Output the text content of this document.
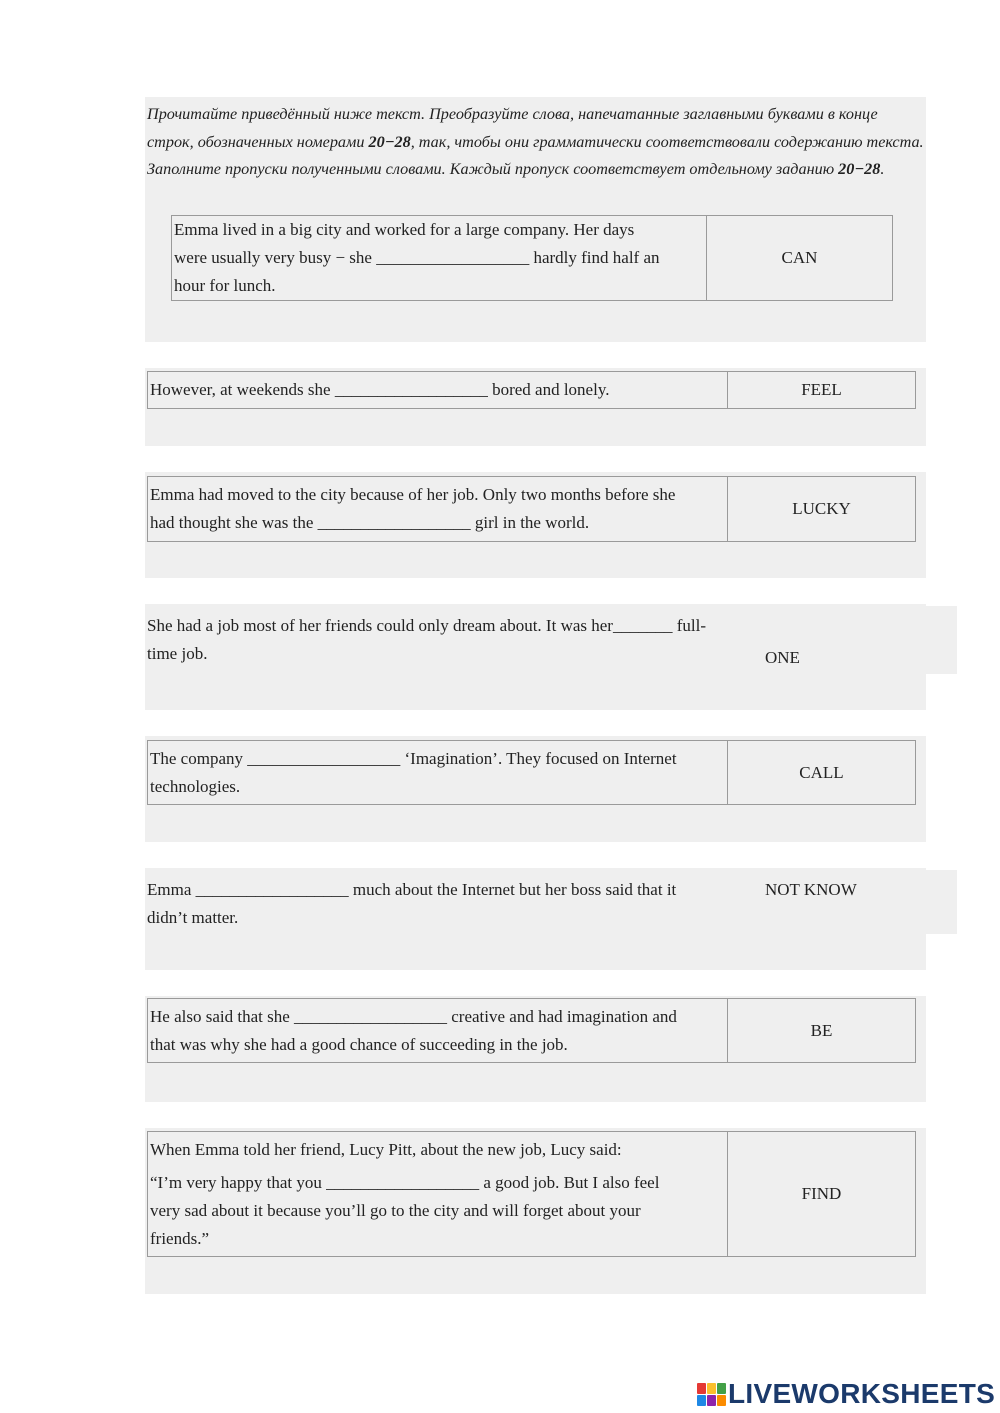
Прочитайте приведённый ниже текст. Преобразуйте слова, напечатанные заглавными буквами в конце строк, обозначенных номерами 20−28, так, чтобы они грамматически соответствовали содержанию текста. Заполните пропуски полученными словами. Каждый пропуск соответствует отдельному заданию 20−28.
Emma lived in a big city and worked for a large company. Her days
were usually very busy − she __________________ hardly find half an
hour for lunch.
	CAN
However, at weekends she __________________ bored and lonely.	FEEL
Emma had moved to the city because of her job. Only two months before she
had thought she was the __________________ girl in the world.
	LUCKY
She had a job most of her friends could only dream about. It was her_______ full-
time job.	ONE
The company __________________ ‘Imagination’. They focused on Internet
technologies.
	CALL
Emma __________________ much about the Internet but her boss said that it
didn’t matter.
NOT KNOW
He also said that she __________________ creative and had imagination and
that was why she had a good chance of succeeding in the job.
	BE
When Emma told her friend, Lucy Pitt, about the new job, Lucy said:
“I’m very happy that you __________________ a good job. But I also feel
very sad about it because you’ll go to the city and will forget about your
friends.”
	FIND
LIVEWORKSHEETS
